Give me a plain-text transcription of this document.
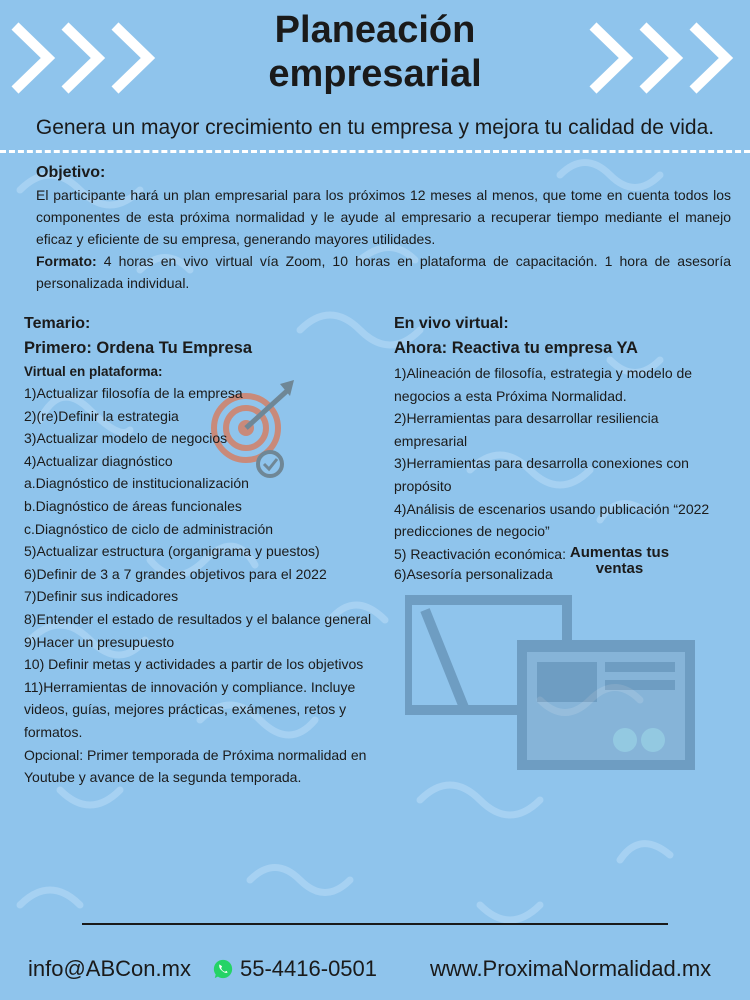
Planeación
empresarial
Genera un mayor crecimiento en tu empresa y mejora tu calidad de vida.
Objetivo:
El participante hará un plan empresarial para los próximos 12 meses al menos, que tome en cuenta todos los componentes de esta próxima normalidad y le ayude al empresario a recuperar tiempo mediante el manejo eficaz y eficiente de su empresa, generando mayores utilidades.
Formato: 4 horas en vivo virtual vía Zoom, 10 horas en plataforma de capacitación. 1 hora de asesoría personalizada individual.
Temario:
Primero: Ordena Tu Empresa
Virtual en plataforma:
1)Actualizar filosofía de la empresa
2)(re)Definir la estrategia
3)Actualizar modelo de negocios
4)Actualizar diagnóstico
a.Diagnóstico de institucionalización
b.Diagnóstico de áreas funcionales
c.Diagnóstico de ciclo de administración
5)Actualizar estructura (organigrama y puestos)
6)Definir de 3 a 7 grandes objetivos para el 2022
7)Definir sus indicadores
8)Entender el estado de resultados y el balance general
9)Hacer un presupuesto
10) Definir metas y actividades a partir de los objetivos
11)Herramientas de innovación y compliance. Incluye videos, guías, mejores prácticas, exámenes, retos y formatos.
Opcional: Primer temporada de Próxima normalidad en Youtube y avance de la segunda temporada.
En vivo virtual:
Ahora: Reactiva tu empresa YA
1)Alineación de filosofía, estrategia y modelo de negocios a esta Próxima Normalidad.
2)Herramientas para desarrollar resiliencia empresarial
3)Herramientas para desarrolla conexiones con propósito
4)Análisis de escenarios usando publicación “2022 predicciones de negocio”
5) Reactivación económica: Aumentas tus
ventas
6)Asesoría personalizada
info@ABCon.mx 55-4416-0501 www.ProximaNormalidad.mx
